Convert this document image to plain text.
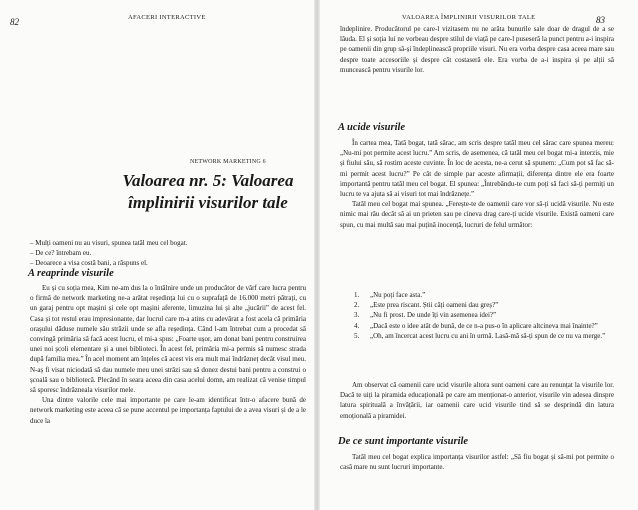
82	AFACERI INTERACTIVE
NETWORK MARKETING 6
Valoarea nr. 5: Valoarea
împlinirii visurilor tale

– Mulți oameni nu au visuri, spunea tatăl meu cel bogat.

– De ce? întrebam eu.

– Deoarece a visa costă bani, a răspuns el.

A reaprinde visurile

Eu și cu soția mea, Kim ne-am dus la o întâlnire unde un producător de vârf care lucra pentru o firmă de network marketing ne-a arătat reședința lui cu o suprafață de 16.000 metri pătrați, cu un garaj pentru opt mașini și cele opt mașini aferente, limuzina lui și alte „jucării” de acest fel. Casa și tot restul erau impresionante, dar lucrul care m-a atins cu adevărat a fost acela că primăria orașului dăduse numele său străzii unde se afla reședința. Când l-am întrebat cum a procedat să convingă primăria să facă acest lucru, el mi-a spus: „Foarte ușor, am donat bani pentru construirea unei noi școli elementare și a unei biblioteci. În acest fel, primăria mi-a permis să numesc strada după familia mea.” În acel moment am înțeles că acest vis era mult mai îndrăzneț decât visul meu. N-aș fi visat niciodată să dau numele meu unei străzi sau să donez destui bani pentru a construi o școală sau o bibliotecă. Plecând în seara aceea din casa acelui domn, am realizat că venise timpul să sporesc îndrăzneala visurilor mele.

Una dintre valorile cele mai importante pe care le-am identificat într-o afacere bună de network marketing este aceea că se pune accentul pe importanța faptului de a avea visuri și de a le duce la

VALOAREA ÎMPLINIRII VISURILOR TALE	83

îndeplinire. Producătorul pe care-l vizitasem nu ne arăta bunurile sale doar de dragul de a se lăuda. El și soția lui ne vorbeau despre stilul de viață pe care-l puseseră la punct pentru a-i inspira pe oamenii din grup să-și îndeplinească propriile visuri. Nu era vorba despre casa aceea mare sau despre toate accesoriile și despre cât costaseră ele. Era vorba de a-i inspira și pe alții să muncească pentru visurile lor.

A ucide visurile

În cartea mea, Tată bogat, tată sărac, am scris despre tatăl meu cel sărac care spunea mereu: „Nu-mi pot permite acest lucru.” Am scris, de asemenea, că tatăl meu cel bogat mi-a interzis, mie și fiului său, să rostim aceste cuvinte. În loc de acesta, ne-a cerut să spunem: „Cum pot să fac să-mi permit acest lucru?” Pe cât de simple par aceste afirmații, diferența dintre ele era foarte importantă pentru tatăl meu cel bogat. El spunea: „Întrebându-te cum poți să faci să-ți permiți un lucru te va ajuta să ai visuri tot mai îndrăznețe.”

Tatăl meu cel bogat mai spunea. „Ferește-te de oamenii care vor să-ți ucidă visurile. Nu este nimic mai rău decât să ai un prieten sau pe cineva drag care-ți ucide visurile. Există oameni care spun, cu mai multă sau mai puțină inocență, lucruri de felul următor:

1. „Nu poți face asta.”
2. „Este prea riscant. Știi câți oameni dau greș?”
3. „Nu fi prost. De unde îți vin asemenea idei?”
4. „Dacă este o idee atât de bună, de ce n-a pus-o în aplicare altcineva mai înainte?”
5. „Oh, am încercat acest lucru cu ani în urmă. Lasă-mă să-ți spun de ce nu va merge.”

Am observat că oamenii care ucid visurile altora sunt oameni care au renunțat la visurile lor. Dacă te uiți la piramida educațională pe care am menționat-o anterior, visurile vin adesea dinspre latura spirituală a învățării, iar oamenii care ucid visurile tind să se desprindă din latura emoțională a piramidei.

De ce sunt importante visurile

Tatăl meu cel bogat explica importanța visurilor astfel: „Să fiu bogat și să-mi pot permite o casă mare nu sunt lucruri importante.
